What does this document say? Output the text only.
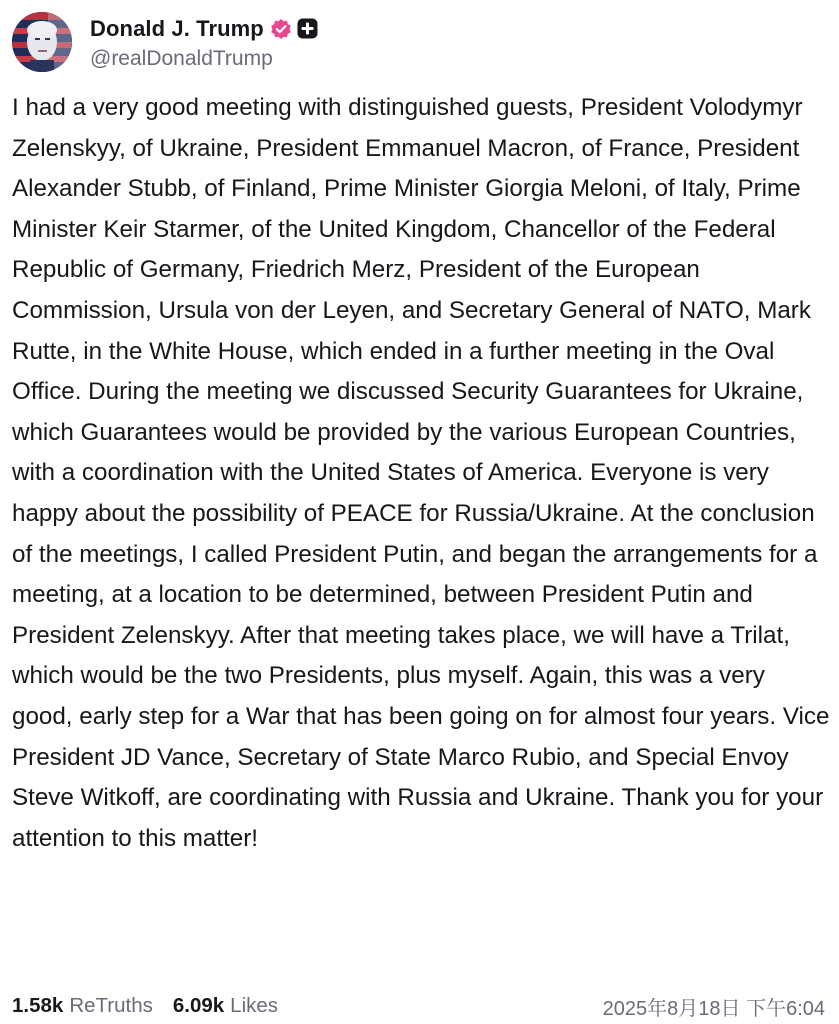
Donald J. Trump
@realDonaldTrump
I had a very good meeting with distinguished guests, President Volodymyr Zelenskyy, of Ukraine, President Emmanuel Macron, of France, President Alexander Stubb, of Finland, Prime Minister Giorgia Meloni, of Italy, Prime Minister Keir Starmer, of the United Kingdom, Chancellor of the Federal Republic of Germany, Friedrich Merz, President of the European Commission, Ursula von der Leyen, and Secretary General of NATO, Mark Rutte, in the White House, which ended in a further meeting in the Oval Office. During the meeting we discussed Security Guarantees for Ukraine, which Guarantees would be provided by the various European Countries, with a coordination with the United States of America. Everyone is very happy about the possibility of PEACE for Russia/Ukraine. At the conclusion of the meetings, I called President Putin, and began the arrangements for a meeting, at a location to be determined, between President Putin and President Zelenskyy. After that meeting takes place, we will have a Trilat, which would be the two Presidents, plus myself. Again, this was a very good, early step for a War that has been going on for almost four years. Vice President JD Vance, Secretary of State Marco Rubio, and Special Envoy Steve Witkoff, are coordinating with Russia and Ukraine. Thank you for your attention to this matter!
1.58k ReTruths 6.09k Likes	2025年8月18日 下午6:04
